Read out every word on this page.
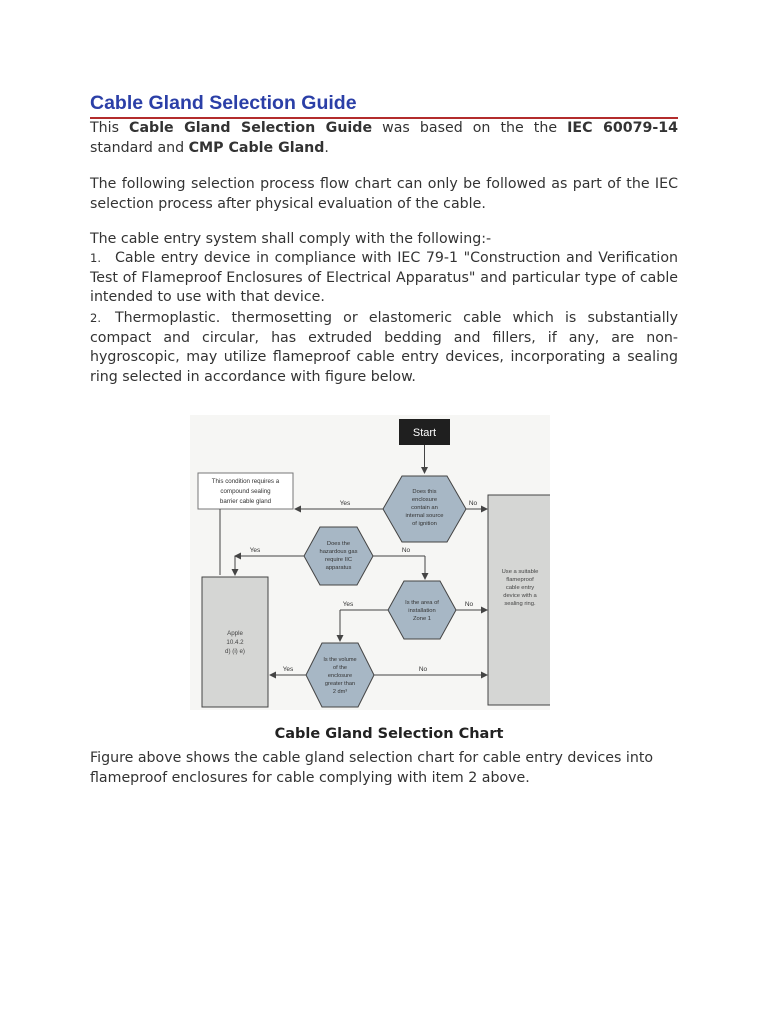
Cable Gland Selection Guide

This Cable Gland Selection Guide was based on the the IEC 60079-14 standard and CMP Cable Gland.

The following selection process flow chart can only be followed as part of the IEC selection process after physical evaluation of the cable.

The cable entry system shall comply with the following:-

1. Cable entry device in compliance with IEC 79-1 "Construction and Verification Test of Flameproof Enclosures of Electrical Apparatus" and particular type of cable intended to use with that device.

2. Thermoplastic. thermosetting or elastomeric cable which is substantially compact and circular, has extruded bedding and fillers, if any, are non-hygroscopic, may utilize flameproof cable entry devices, incorporating a sealing ring selected in accordance with figure below.

Figure above shows the cable gland selection chart for cable entry devices into flameproof enclosures for cable complying with item 2 above.

Start
This condition requires a
compound sealing
barrier cable gland
Does this
enclosure
contain an
internal source
of ignition
Yes	No
Use a suitable
flameproof
cable entry
device with a
sealing ring.
Does the
hazardous gas
require IIC
apparatus
Yes	No
Is the area of
installation
Zone 1
No
Yes
Apple
10.4.2
d) (i) e)
Is the volume
of the
enclosure
greater than
2 dm³
Yes	No

Cable Gland Selection Chart
